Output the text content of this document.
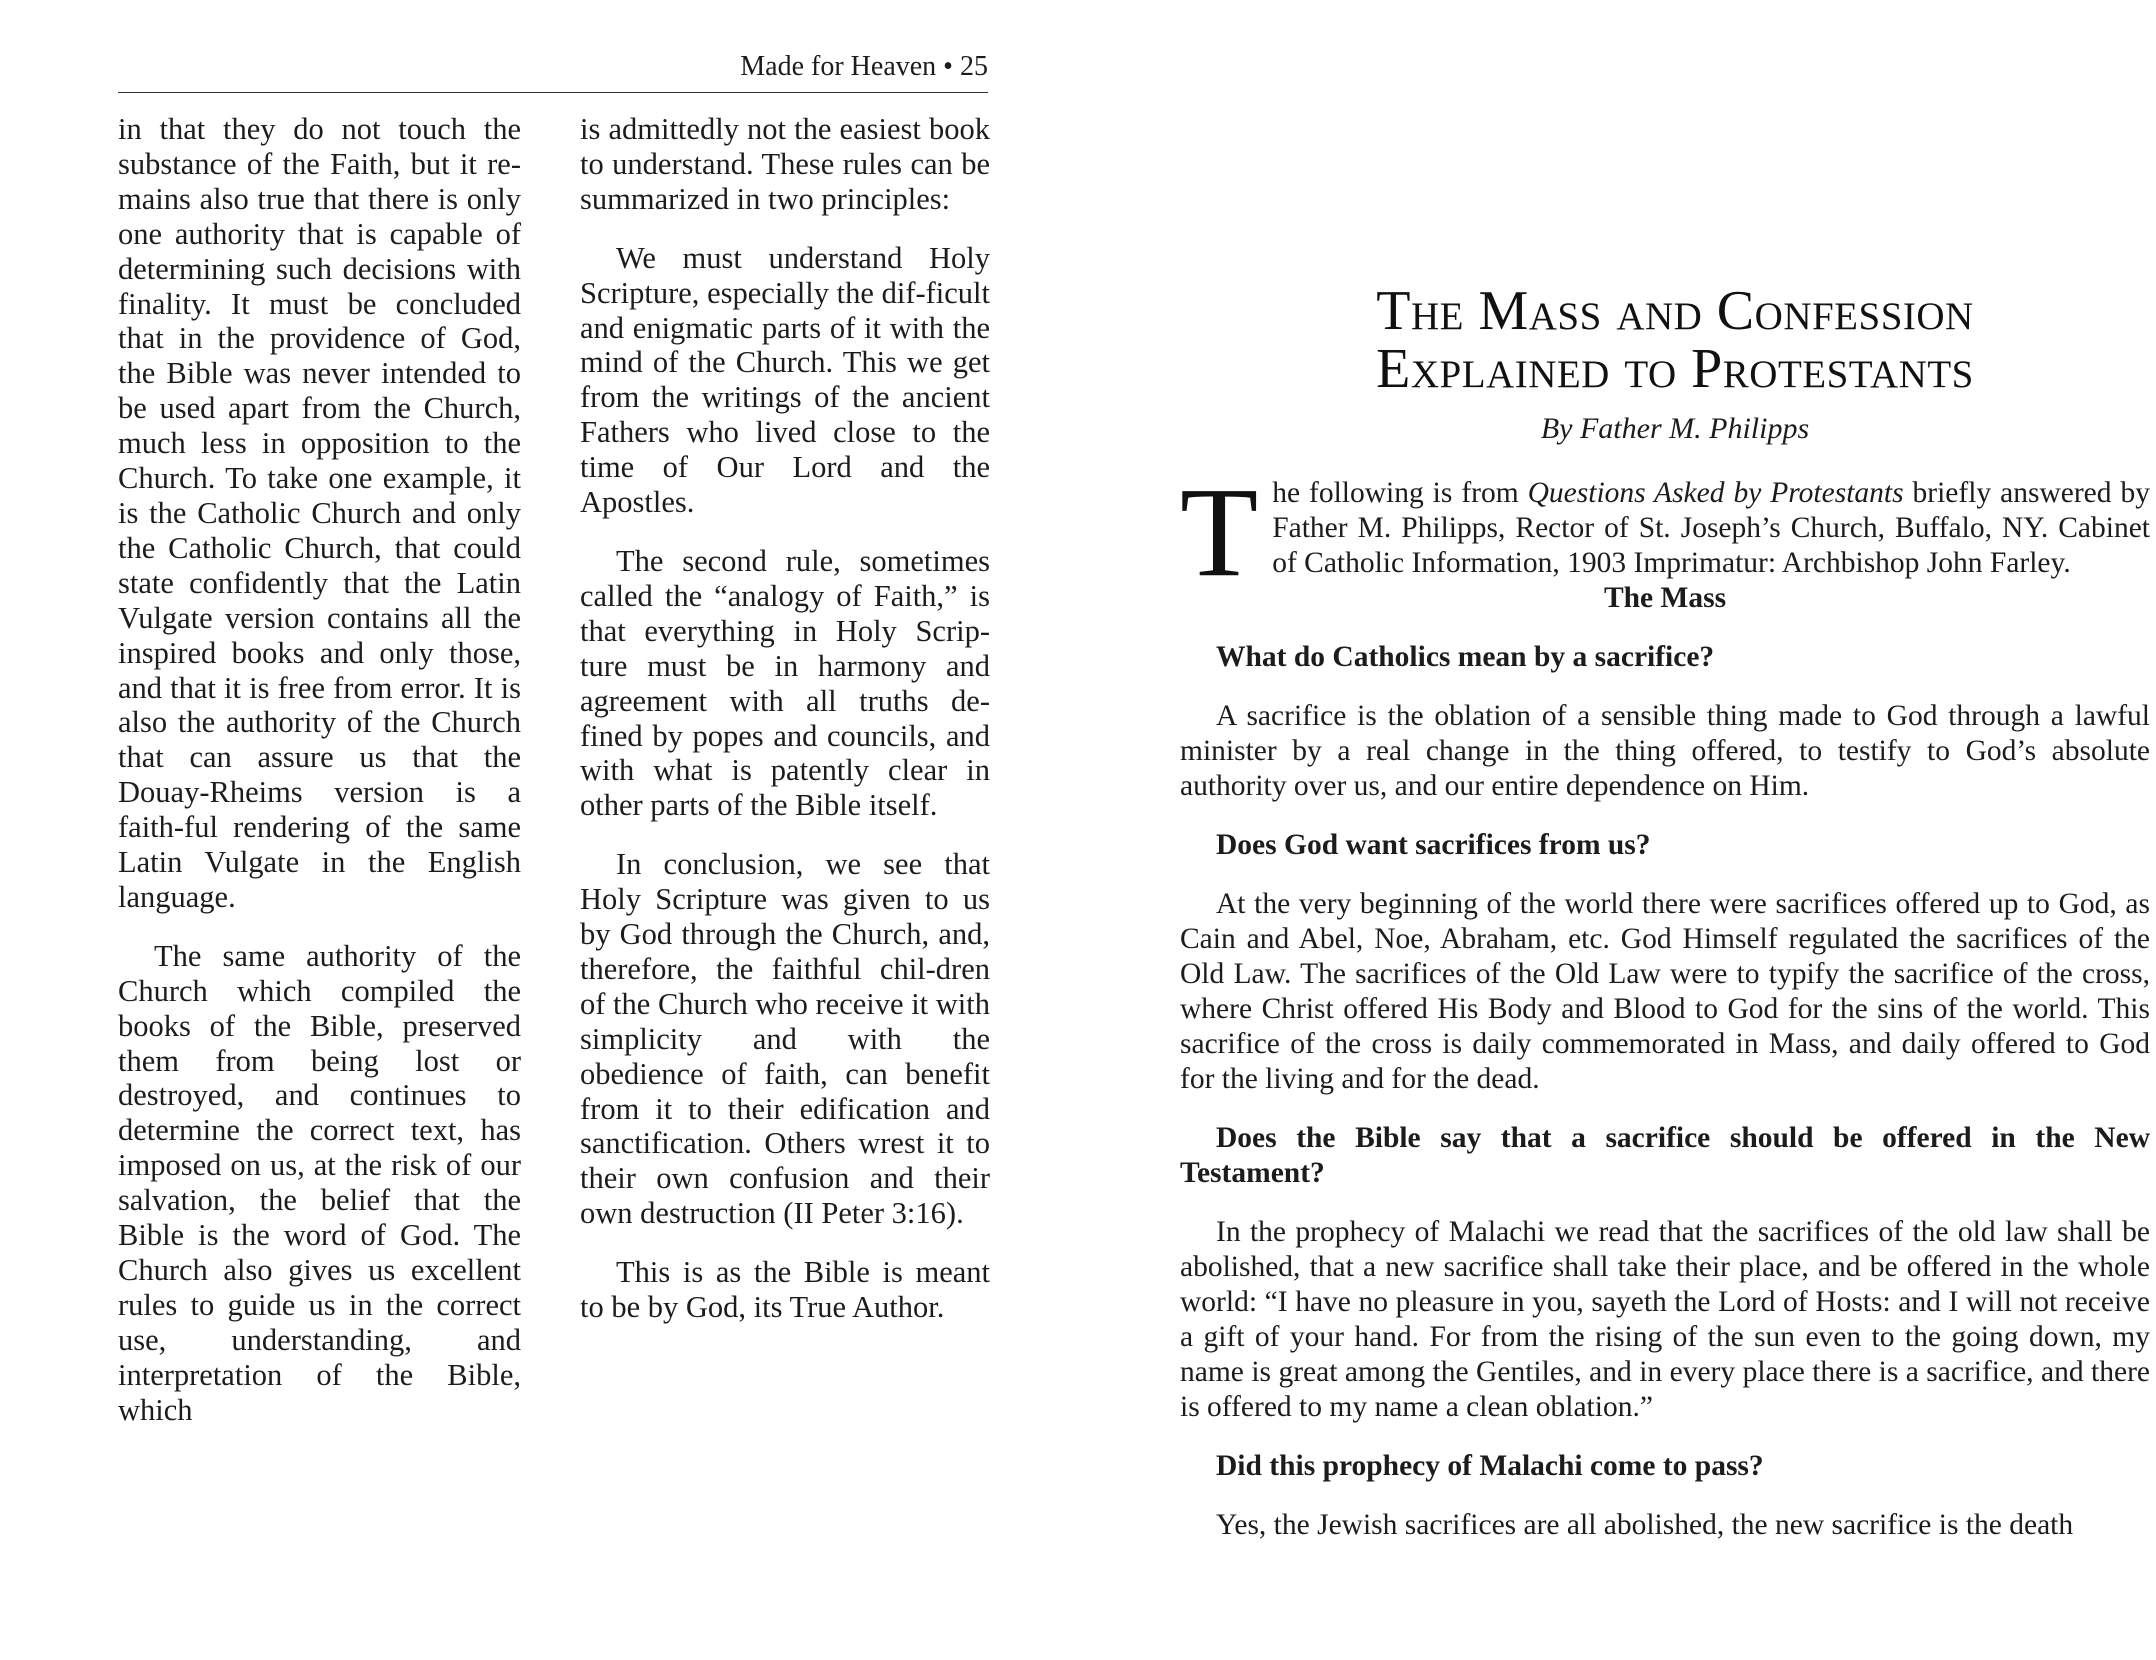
Made for Heaven • 25

in that they do not touch the substance of the Faith, but it re-mains also true that there is only one authority that is capable of determining such decisions with finality. It must be concluded that in the providence of God, the Bible was never intended to be used apart from the Church, much less in opposition to the Church. To take one example, it is the Catholic Church and only the Catholic Church, that could state confidently that the Latin Vulgate version contains all the inspired books and only those, and that it is free from error. It is also the authority of the Church that can assure us that the Douay-Rheims version is a faith-ful rendering of the same Latin Vulgate in the English language.

The same authority of the Church which compiled the books of the Bible, preserved them from being lost or destroyed, and continues to determine the correct text, has imposed on us, at the risk of our salvation, the belief that the Bible is the word of God. The Church also gives us excellent rules to guide us in the correct use, understanding, and interpretation of the Bible, which

is admittedly not the easiest book to understand. These rules can be summarized in two principles:

We must understand Holy Scripture, especially the dif-ficult and enigmatic parts of it with the mind of the Church. This we get from the writings of the ancient Fathers who lived close to the time of Our Lord and the Apostles.

The second rule, sometimes called the “analogy of Faith,” is that everything in Holy Scrip-ture must be in harmony and agreement with all truths de-fined by popes and councils, and with what is patently clear in other parts of the Bible itself.

In conclusion, we see that Holy Scripture was given to us by God through the Church, and, therefore, the faithful chil-dren of the Church who receive it with simplicity and with the obedience of faith, can benefit from it to their edification and sanctification. Others wrest it to their own confusion and their own destruction (II Peter 3:16).

This is as the Bible is meant to be by God, its True Author.

The Mass and Confession
Explained to Protestants

By Father M. Philipps

The following is from Questions Asked by Protestants briefly answered by Father M. Philipps, Rector of St. Joseph’s Church, Buffalo, NY. Cabinet of Catholic Information, 1903 Imprimatur: Archbishop John Farley.

The Mass

What do Catholics mean by a sacrifice?

A sacrifice is the oblation of a sensible thing made to God through a lawful minister by a real change in the thing offered, to testify to God’s absolute authority over us, and our entire dependence on Him.

Does God want sacrifices from us?

At the very beginning of the world there were sacrifices offered up to God, as Cain and Abel, Noe, Abraham, etc. God Himself regulated the sacrifices of the Old Law. The sacrifices of the Old Law were to typify the sacrifice of the cross, where Christ offered His Body and Blood to God for the sins of the world. This sacrifice of the cross is daily commemorated in Mass, and daily offered to God for the living and for the dead.

Does the Bible say that a sacrifice should be offered in the New Testament?

In the prophecy of Malachi we read that the sacrifices of the old law shall be abolished, that a new sacrifice shall take their place, and be offered in the whole world: “I have no pleasure in you, sayeth the Lord of Hosts: and I will not receive a gift of your hand. For from the rising of the sun even to the going down, my name is great among the Gentiles, and in every place there is a sacrifice, and there is offered to my name a clean oblation.”

Did this prophecy of Malachi come to pass?

Yes, the Jewish sacrifices are all abolished, the new sacrifice is the death
